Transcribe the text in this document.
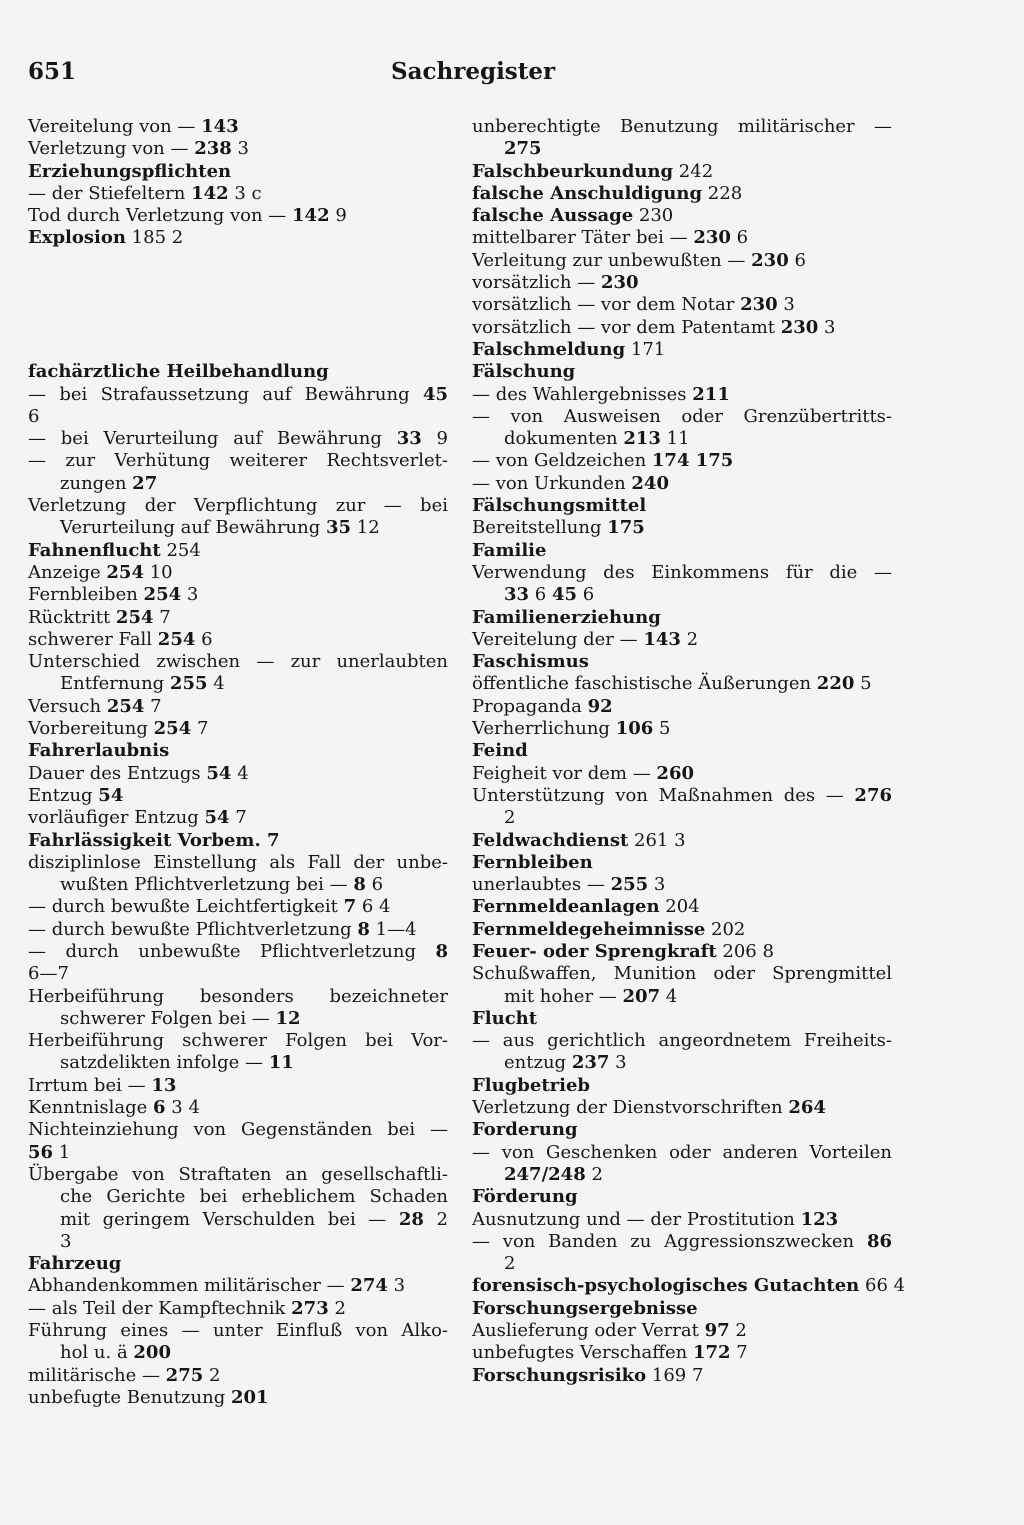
651	Sachregister
Vereitelung von — 143
Verletzung von — 238 3
Erziehungspflichten
— der Stiefeltern 142 3 c
Tod durch Verletzung von — 142 9
Explosion 185 2
fachärztliche Heilbehandlung
— bei Strafaussetzung auf Bewährung 45
6
— bei Verurteilung auf Bewährung 33 9
— zur Verhütung weiterer Rechtsverlet-
zungen 27
Verletzung der Verpflichtung zur — bei
Verurteilung auf Bewährung 35 12
Fahnenflucht 254
Anzeige 254 10
Fernbleiben 254 3
Rücktritt 254 7
schwerer Fall 254 6
Unterschied zwischen — zur unerlaubten
Entfernung 255 4
Versuch 254 7
Vorbereitung 254 7
Fahrerlaubnis
Dauer des Entzugs 54 4
Entzug 54
vorläufiger Entzug 54 7
Fahrlässigkeit Vorbem. 7
disziplinlose Einstellung als Fall der unbe-
wußten Pflichtverletzung bei — 8 6
— durch bewußte Leichtfertigkeit 7 6 4
— durch bewußte Pflichtverletzung 8 1—4
— durch unbewußte Pflichtverletzung 8
6—7
Herbeiführung besonders bezeichneter
schwerer Folgen bei — 12
Herbeiführung schwerer Folgen bei Vor-
satzdelikten infolge — 11
Irrtum bei — 13
Kenntnislage 6 3 4
Nichteinziehung von Gegenständen bei —
56 1
Übergabe von Straftaten an gesellschaftli-
che Gerichte bei erheblichem Schaden
mit geringem Verschulden bei — 28 2
3
Fahrzeug
Abhandenkommen militärischer — 274 3
— als Teil der Kampftechnik 273 2
Führung eines — unter Einfluß von Alko-
hol u. ä 200
militärische — 275 2
unbefugte Benutzung 201
unberechtigte Benutzung militärischer —
275
Falschbeurkundung 242
falsche Anschuldigung 228
falsche Aussage 230
mittelbarer Täter bei — 230 6
Verleitung zur unbewußten — 230 6
vorsätzlich — 230
vorsätzlich — vor dem Notar 230 3
vorsätzlich — vor dem Patentamt 230 3
Falschmeldung 171
Fälschung
— des Wahlergebnisses 211
— von Ausweisen oder Grenzübertritts-
dokumenten 213 11
— von Geldzeichen 174 175
— von Urkunden 240
Fälschungsmittel
Bereitstellung 175
Familie
Verwendung des Einkommens für die —
33 6 45 6
Familienerziehung
Vereitelung der — 143 2
Faschismus
öffentliche faschistische Äußerungen 220 5
Propaganda 92
Verherrlichung 106 5
Feind
Feigheit vor dem — 260
Unterstützung von Maßnahmen des — 276
2
Feldwachdienst 261 3
Fernbleiben
unerlaubtes — 255 3
Fernmeldeanlagen 204
Fernmeldegeheimnisse 202
Feuer- oder Sprengkraft 206 8
Schußwaffen, Munition oder Sprengmittel
mit hoher — 207 4
Flucht
— aus gerichtlich angeordnetem Freiheits-
entzug 237 3
Flugbetrieb
Verletzung der Dienstvorschriften 264
Forderung
— von Geschenken oder anderen Vorteilen
247/248 2
Förderung
Ausnutzung und — der Prostitution 123
— von Banden zu Aggressionszwecken 86
2
forensisch-psychologisches Gutachten 66 4
Forschungsergebnisse
Auslieferung oder Verrat 97 2
unbefugtes Verschaffen 172 7
Forschungsrisiko 169 7
